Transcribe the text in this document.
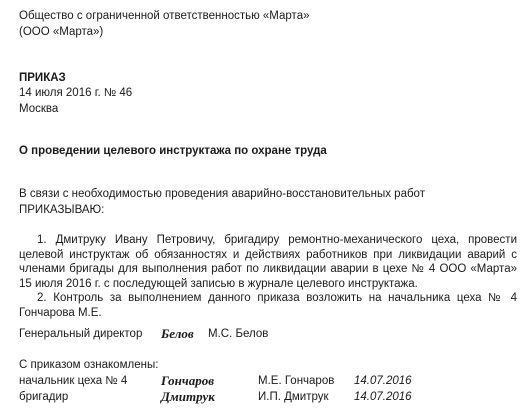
Общество с ограниченной ответственностью «Марта»
(ООО «Марта»)
ПРИКАЗ
14 июля 2016 г. № 46
Москва
О проведении целевого инструктажа по охране труда
В связи с необходимостью проведения аварийно-восстановительных работ
ПРИКАЗЫВАЮ:

1. Дмитруку Ивану Петровичу, бригадиру ремонтно-механического цеха, провести целевой инструктаж об обязанностях и действиях работников при ликвидации аварий с членами бригады для выполнения работ по ликвидации аварии в цехе № 4 ООО «Марта» 15 июля 2016 г. с последующей записью в журнале целевого инструктажа.

2. Контроль за выполнением данного приказа возложить на начальника цеха № 4 Гончарова М.Е.

Генеральный директор Белов М.С. Белов
С приказом ознакомлены:
начальник цеха № 4	Гончаров	М.Е. Гончаров 14.07.2016
бригадир	Дмитрук	И.П. Дмитрук 14.07.2016
